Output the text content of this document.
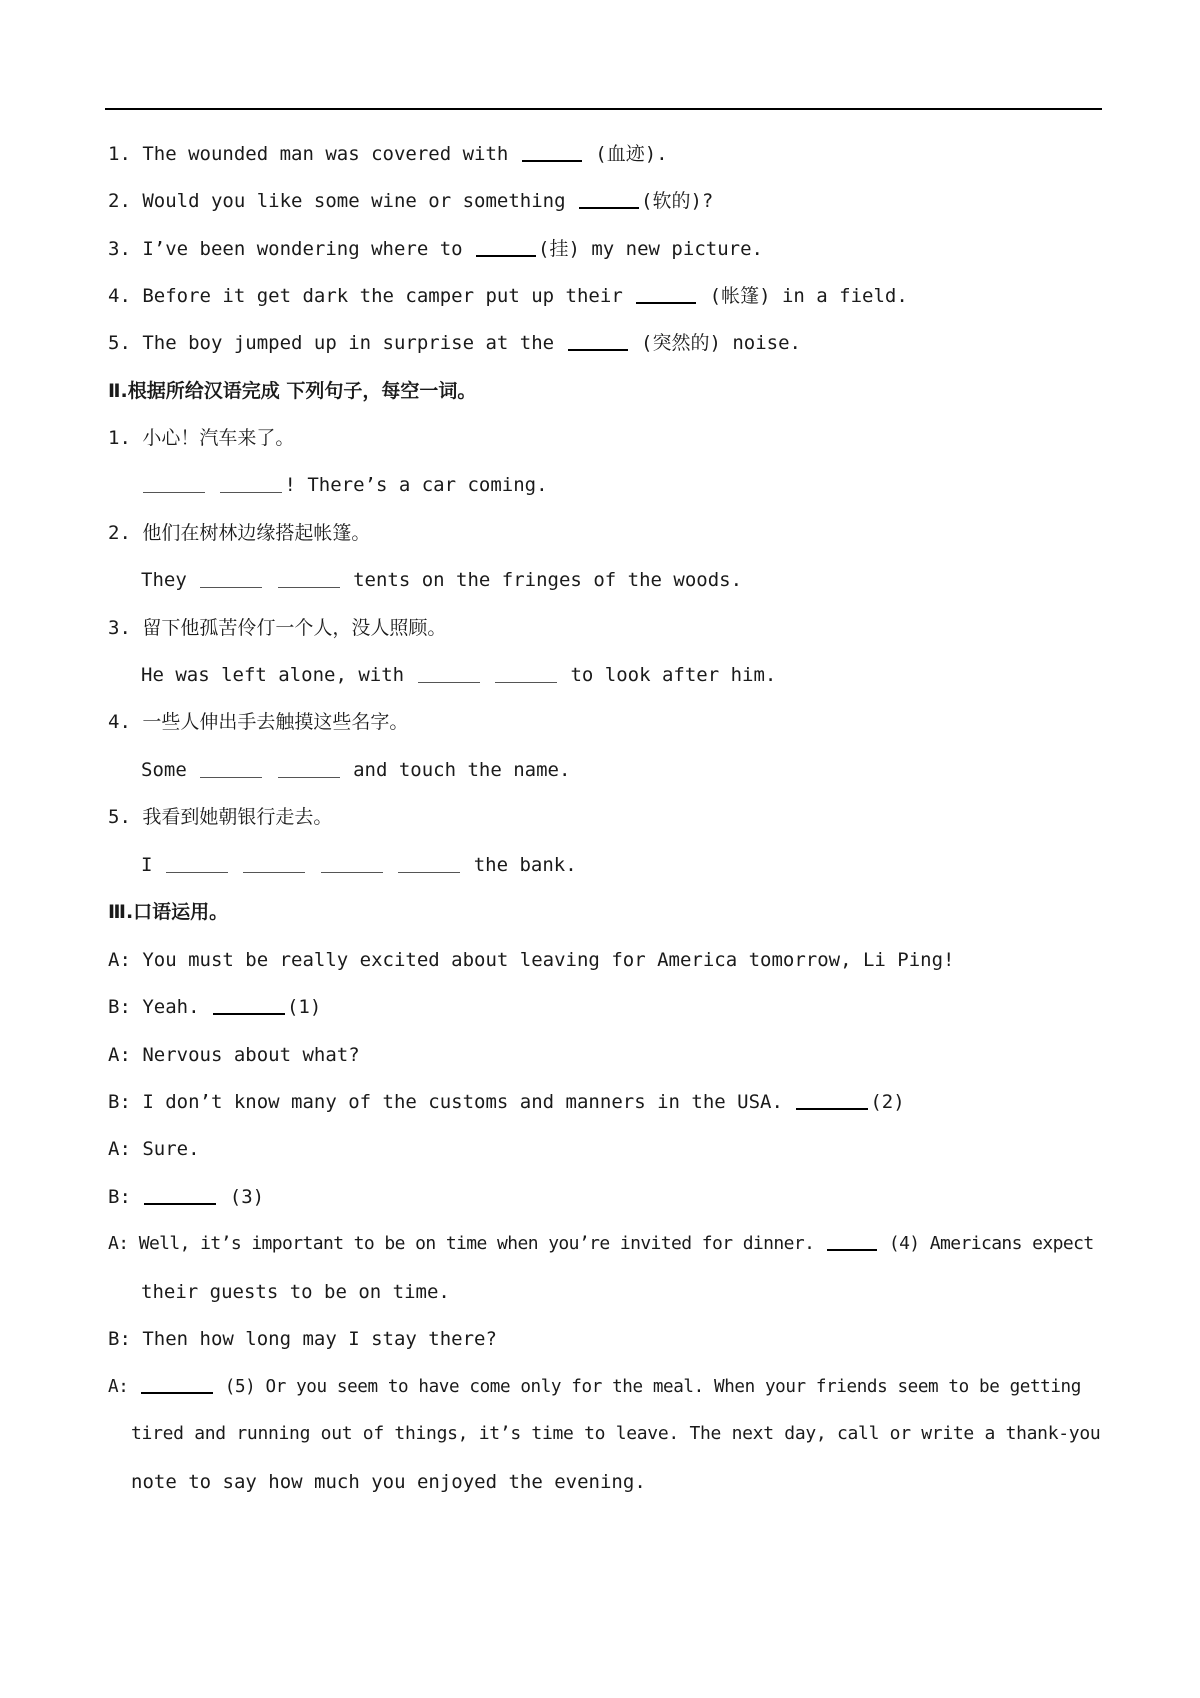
1. The wounded man was covered with	(血迹).
2. Would you like some wine or something	(软的)?
3. I’ve been wondering where to	(挂) my new picture.
4. Before it get dark the camper put up their	(帐篷) in a field.
5. The boy jumped up in surprise at the	(突然的) noise.
Ⅱ.根据所给汉语完成 下列句子，每空一词。
1. 小心！汽车来了。
! There’s a car coming.
2. 他们在树林边缘搭起帐篷。
They	tents on the fringes of the woods.
3. 留下他孤苦伶仃一个人，没人照顾。
He was left alone, with	to look after him.
4. 一些人伸出手去触摸这些名字。
Some	and touch the name.
5. 我看到她朝银行走去。
I	the bank.
Ⅲ.口语运用。
A: You must be really excited about leaving for America tomorrow, Li Ping!
B: Yeah.	(1)
A: Nervous about what?
B: I don’t know many of the customs and manners in the USA.	(2)
A: Sure.
B:	(3)
A: Well, it’s important to be on time when you’re invited for dinner.	(4) Americans expect
their guests to be on time.
B: Then how long may I stay there?
A:	(5) Or you seem to have come only for the meal. When your friends seem to be getting
tired and running out of things, it’s time to leave. The next day, call or write a thank-you
note to say how much you enjoyed the evening.
